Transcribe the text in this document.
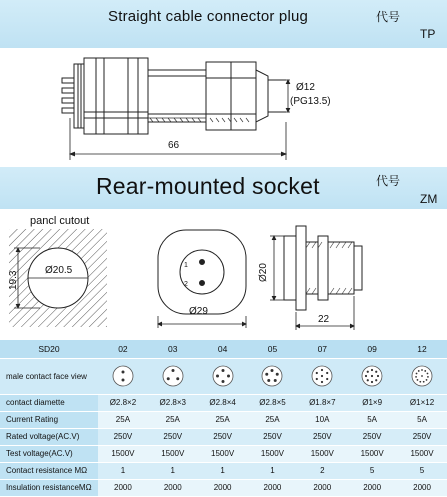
Straight cable connector plug	代号
TP
Ø12
(PG13.5)
66
Rear-mounted socket	代号
ZM
pancl cutout
19.3
Ø20.5
Ø29
1
2
Ø20
22
SD20	02	03	04	05	07	09	12
male contact face view	

contact diamette	Ø2.8×2	Ø2.8×3	Ø2.8×4	Ø2.8×5	Ø1.8×7	Ø1×9	Ø1×12
Current Rating	25A	25A	25A	25A	10A	5A	5A
Rated voltage(AC.V)	250V	250V	250V	250V	250V	250V	250V
Test voltage(AC.V)	1500V	1500V	1500V	1500V	1500V	1500V	1500V
Contact resistance MΩ	1	1	1	1	2	5	5
Insulation resistanceMΩ	2000	2000	2000	2000	2000	2000	2000
